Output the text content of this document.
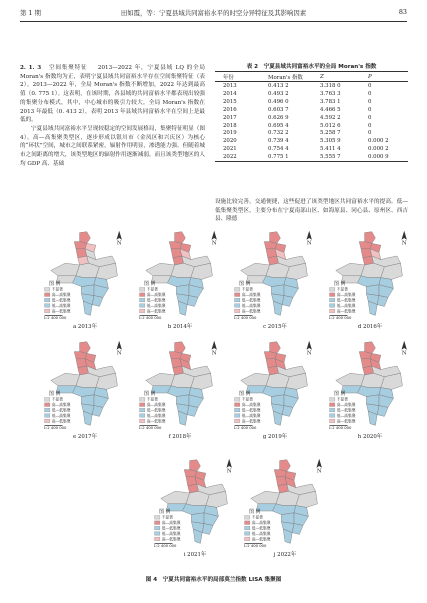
第 1 期	田如霞，等：宁夏县域共同富裕水平的时空分异特征及其影响因素	83

2. 1. 3 空间集聚特征 2013—2022 年，宁夏县域 LQ 的全局 Moran's 指数均为正，表明宁夏县域共同富裕水平存在空间集聚特征（表 2）。2013—2022 年，全局 Moran's 指数不断增加，2022 年达到最高值（0. 775 1）。这表明，在该时期，各县域的共同富裕水平都表现出较强的集聚分布模式，其中，中心城市的吸引力较大。全局 Moran's 指数在 2013 年最低（0. 413 2），表明 2013 年县域共同富裕水平在空间上是最低的。

宁夏县域共同富裕水平呈现较稳定的空间发展格局，集聚特征明显（图 4）。高—高集聚类型区，逐步形成以银川市（金凤区和兴庆区）为核心的“环状”空间，城市之间联系紧密，辐射作用明显，渗透能力强。但随着城市之间距离的增大，该类型地区的辐射作用逐渐减弱，而且该类型地区的人均 GDP 高、基础

表 2　宁夏县域共同富裕水平的全局 Moran's 指数
年份	Moran's 指数	Z	P
2013	0.413 2	3.318 0	0
2014	0.493 2	3.763 3	0
2015	0.496 0	3.783 1	0
2016	0.603 7	4.466 5	0
2017	0.626 9	4.592 2	0
2018	0.695 4	5.012 6	0
2019	0.732 2	5.258 7	0
2020	0.739 4	5.305 9	0.000 2
2021	0.754 4	5.411 4	0.000 2
2022	0.775 1	5.555 7	0.000 9

设施比较完善，交通便捷，这些促进了该类型地区共同富裕水平的提高。低—低集聚类型区，主要分布在宁夏南部山区、如海原县、同心县、原州区、西吉县、隆德

N
图 例
不显著
高—高集聚
低—低集聚
低—高集聚
高—低集聚
1:2 400 000
a 2013年
N
图 例
不显著
高—高集聚
低—低集聚
低—高集聚
高—低集聚
1:2 400 000
b 2014年
N
图 例
不显著
高—高集聚
低—低集聚
低—高集聚
高—低集聚
1:2 400 000
c 2015年
N
图 例
不显著
高—高集聚
低—低集聚
低—高集聚
高—低集聚
1:2 400 000
d 2016年
N
图 例
不显著
高—高集聚
低—低集聚
低—高集聚
高—低集聚
1:2 400 000
e 2017年
N
图 例
不显著
高—高集聚
低—低集聚
低—高集聚
高—低集聚
1:2 400 000
f 2018年
N
图 例
不显著
高—高集聚
低—低集聚
低—高集聚
高—低集聚
1:2 400 000
g 2019年
N
图 例
不显著
高—高集聚
低—低集聚
低—高集聚
高—低集聚
1:2 400 000
h 2020年
N
图 例
不显著
高—高集聚
低—低集聚
低—高集聚
高—低集聚
1:2 400 000
i 2021年
N
图 例
不显著
高—高集聚
低—低集聚
低—高集聚
高—低集聚
1:2 400 000
j 2022年
图 4　宁夏共同富裕水平的局部莫兰指数 LISA 集聚图
